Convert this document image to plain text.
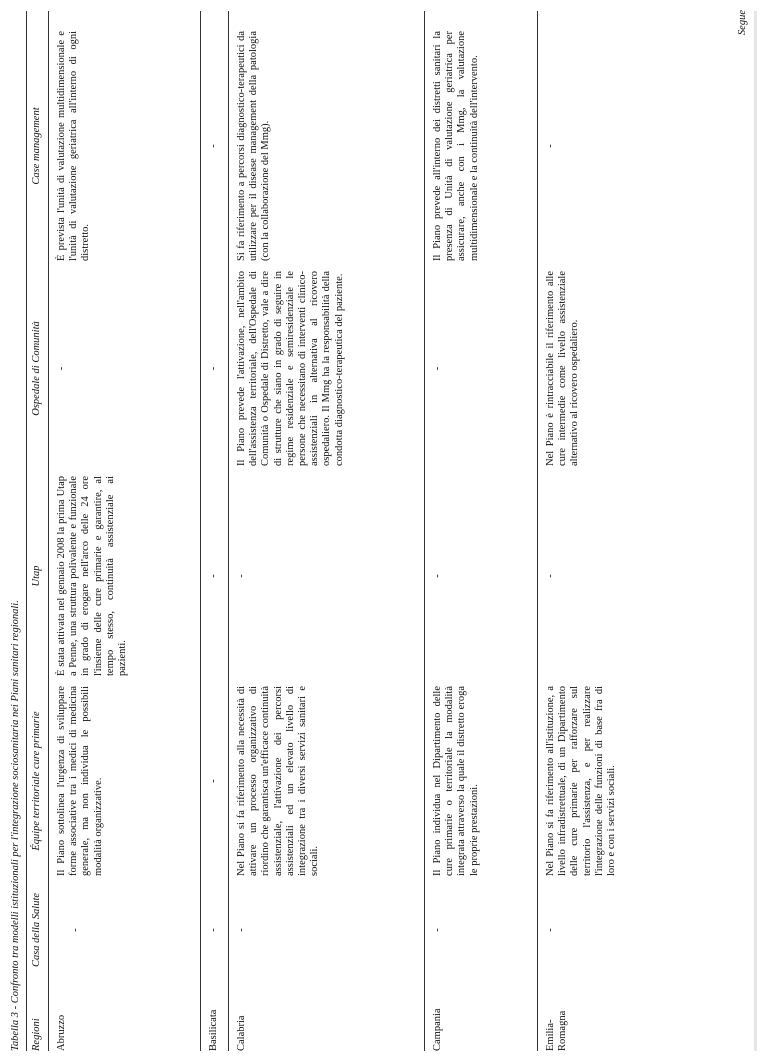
Tabella 3 - Confronto tra modelli istituzionali per l'integrazione sociosanitaria nei Piani sanitari regionali. Regioni
Casa della Salute
Équipe territoriale cure primarie
Utap
Ospedale di Comunità
Case management
Abruzzo
-
Il Piano sottolinea l'urgenza di sviluppare forme associative tra i medici di medicina generale, ma non individua le possibili modalità organizzative.
È stata attivata nel gennaio 2008 la prima Utap a Penne, una struttura polivalente e funzionale in grado di erogare nell'arco delle 24 ore l'insieme delle cure primarie e garantire, al tempo stesso, continuità assistenziale ai pazienti.
-
È prevista l'unità di valutazione multidimensionale e l'unità di valutazione geriatrica all'interno di ogni distretto.
Basilicata
-
-
-
-
-
Calabria
-
Nel Piano si fa riferimento alla necessità di attivare un processo organizzativo di riordino che garantisca un'efficace continuità assistenziale, l'attivazione dei percorsi assistenziali ed un elevato livello di integrazione tra i diversi servizi sanitari e sociali.
-
Il Piano prevede l'attivazione, nell'ambito dell'assistenza territoriale, dell'Ospedale di Comunità o Ospedale di Distretto, vale a dire di strutture che siano in grado di seguire in regime residenziale e semiresidenziale le persone che necessitano di interventi clinico-assistenziali in alternativa al ricovero ospedaliero. Il Mmg ha la responsabilità della condotta diagnostico-terapeutica del paziente.
Si fa riferimento a percorsi diagnostico-terapeutici da utilizzare per il disease management della patologia (con la collaborazione del Mmg).
Campania
-
Il Piano individua nel Dipartimento delle cure primarie o territoriale la modalità integrata attraverso la quale il distretto eroga le proprie prestazioni.
-
-
Il Piano prevede all'interno dei distretti sanitari la presenza di Unità di valutazione geriatrica per assicurare, anche con i Mmg, la valutazione multidimensionale e la continuità dell'intervento.
Emilia-Romagna
-
Nel Piano si fa riferimento all'istituzione, a livello infradistrettuale, di un Dipartimento delle cure primarie per rafforzare sul territorio l'assistenza, e per realizzare l'integrazione delle funzioni di base fra di loro e con i servizi sociali.
-
Nel Piano è rintracciabile il riferimento alle cure intermedie come livello assistenziale alternativo al ricovero ospedaliero.
-
Segue
